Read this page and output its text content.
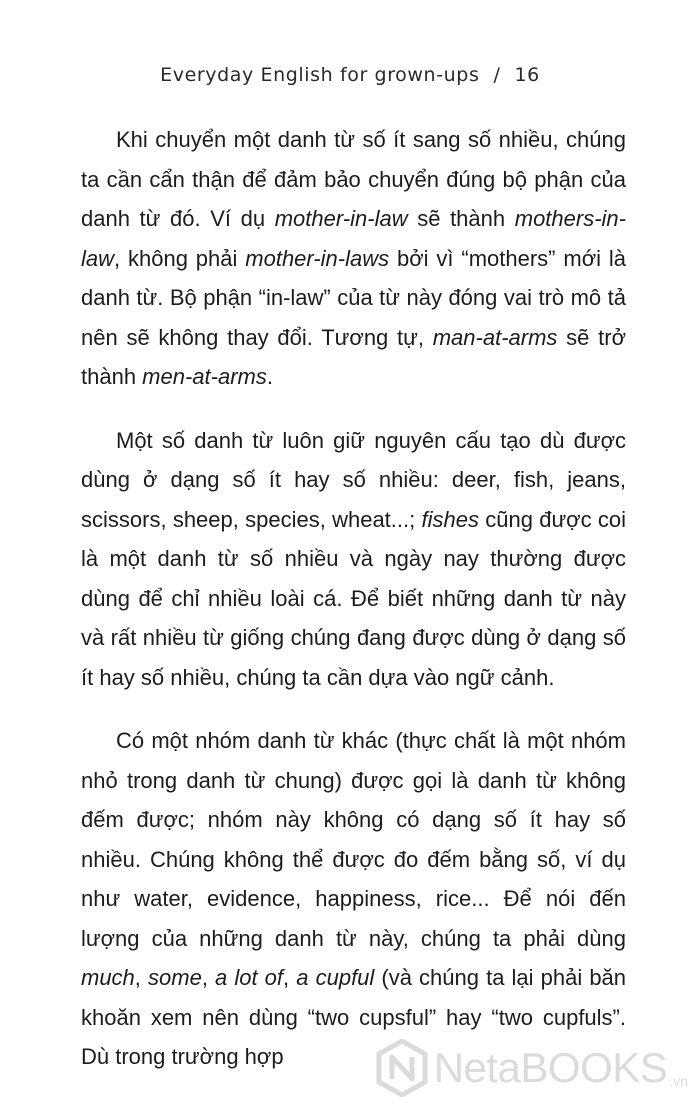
Everyday English for grown-ups / 16

Khi chuyển một danh từ số ít sang số nhiều, chúng ta cần cẩn thận để đảm bảo chuyển đúng bộ phận của danh từ đó. Ví dụ mother-in-law sẽ thành mothers-in-law, không phải mother-in-laws bởi vì “mothers” mới là danh từ. Bộ phận “in-law” của từ này đóng vai trò mô tả nên sẽ không thay đổi. Tương tự, man-at-arms sẽ trở thành men-at-arms.

Một số danh từ luôn giữ nguyên cấu tạo dù được dùng ở dạng số ít hay số nhiều: deer, fish, jeans, scissors, sheep, species, wheat...; fishes cũng được coi là một danh từ số nhiều và ngày nay thường được dùng để chỉ nhiều loài cá. Để biết những danh từ này và rất nhiều từ giống chúng đang được dùng ở dạng số ít hay số nhiều, chúng ta cần dựa vào ngữ cảnh.

Có một nhóm danh từ khác (thực chất là một nhóm nhỏ trong danh từ chung) được gọi là danh từ không đếm được; nhóm này không có dạng số ít hay số nhiều. Chúng không thể được đo đếm bằng số, ví dụ như water, evidence, happiness, rice... Để nói đến lượng của những danh từ này, chúng ta phải dùng much, some, a lot of, a cupful (và chúng ta lại phải băn khoăn xem nên dùng “two cupsful” hay “two cupfuls”. Dù trong trường hợp	NetaBOOKS .vn
